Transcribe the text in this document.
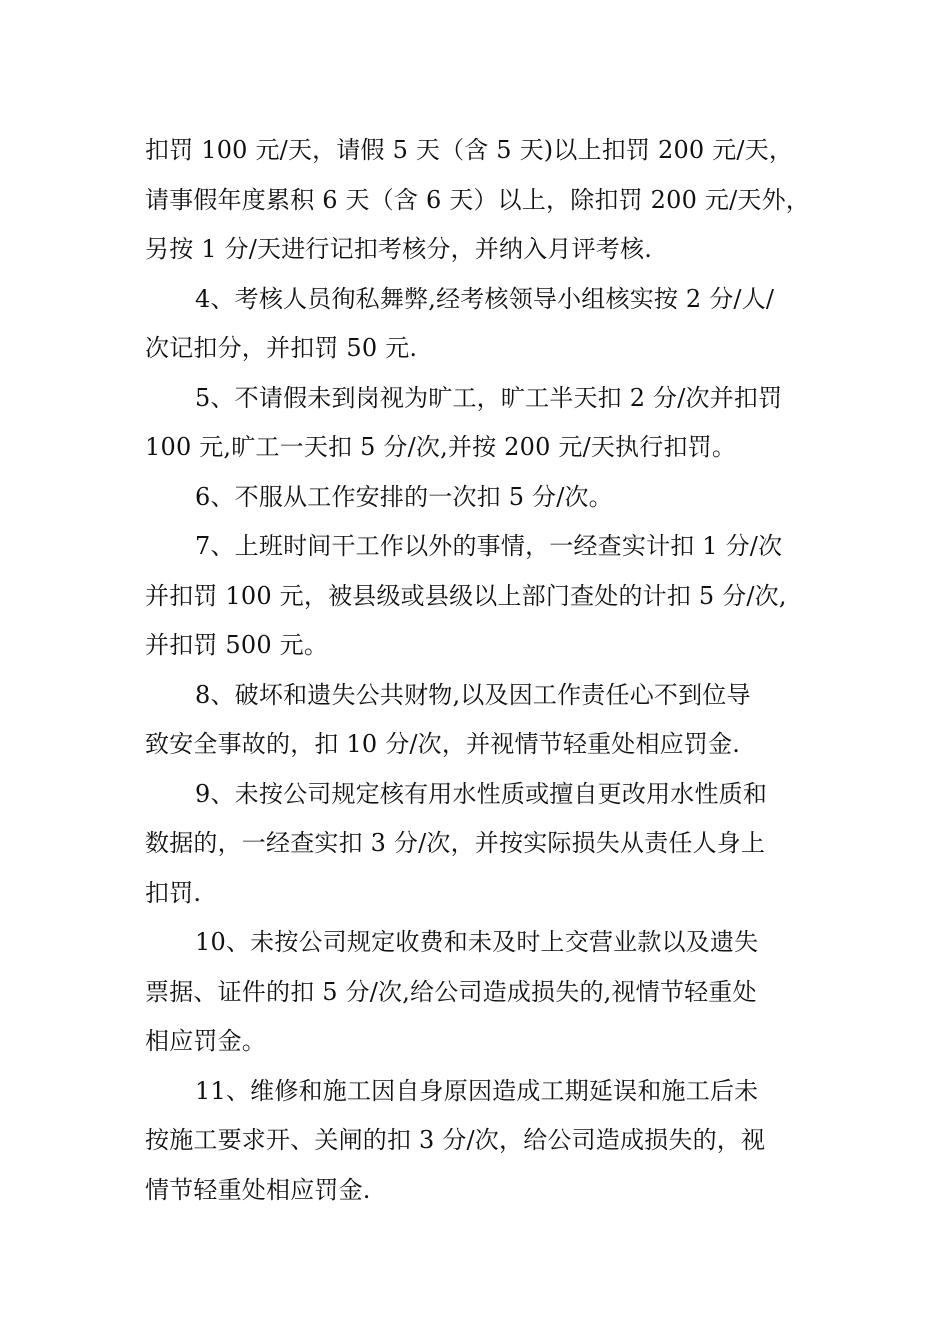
扣罚 100 元/天，请假 5 天（含 5 天)以上扣罚 200 元/天，
请事假年度累积 6 天（含 6 天）以上，除扣罚 200 元/天外，
另按 1 分/天进行记扣考核分，并纳入月评考核.
4、考核人员徇私舞弊,经考核领导小组核实按 2 分/人/
次记扣分，并扣罚 50 元.
5、不请假未到岗视为旷工，旷工半天扣 2 分/次并扣罚
100 元,旷工一天扣 5 分/次,并按 200 元/天执行扣罚。
6、不服从工作安排的一次扣 5 分/次。
7、上班时间干工作以外的事情，一经查实计扣 1 分/次
并扣罚 100 元，被县级或县级以上部门查处的计扣 5 分/次,
并扣罚 500 元。
8、破坏和遗失公共财物,以及因工作责任心不到位导
致安全事故的，扣 10 分/次，并视情节轻重处相应罚金.
9、未按公司规定核有用水性质或擅自更改用水性质和
数据的，一经查实扣 3 分/次，并按实际损失从责任人身上
扣罚.
10、未按公司规定收费和未及时上交营业款以及遗失
票据、证件的扣 5 分/次,给公司造成损失的,视情节轻重处
相应罚金。
11、维修和施工因自身原因造成工期延误和施工后未
按施工要求开、关闸的扣 3 分/次，给公司造成损失的，视
情节轻重处相应罚金.
